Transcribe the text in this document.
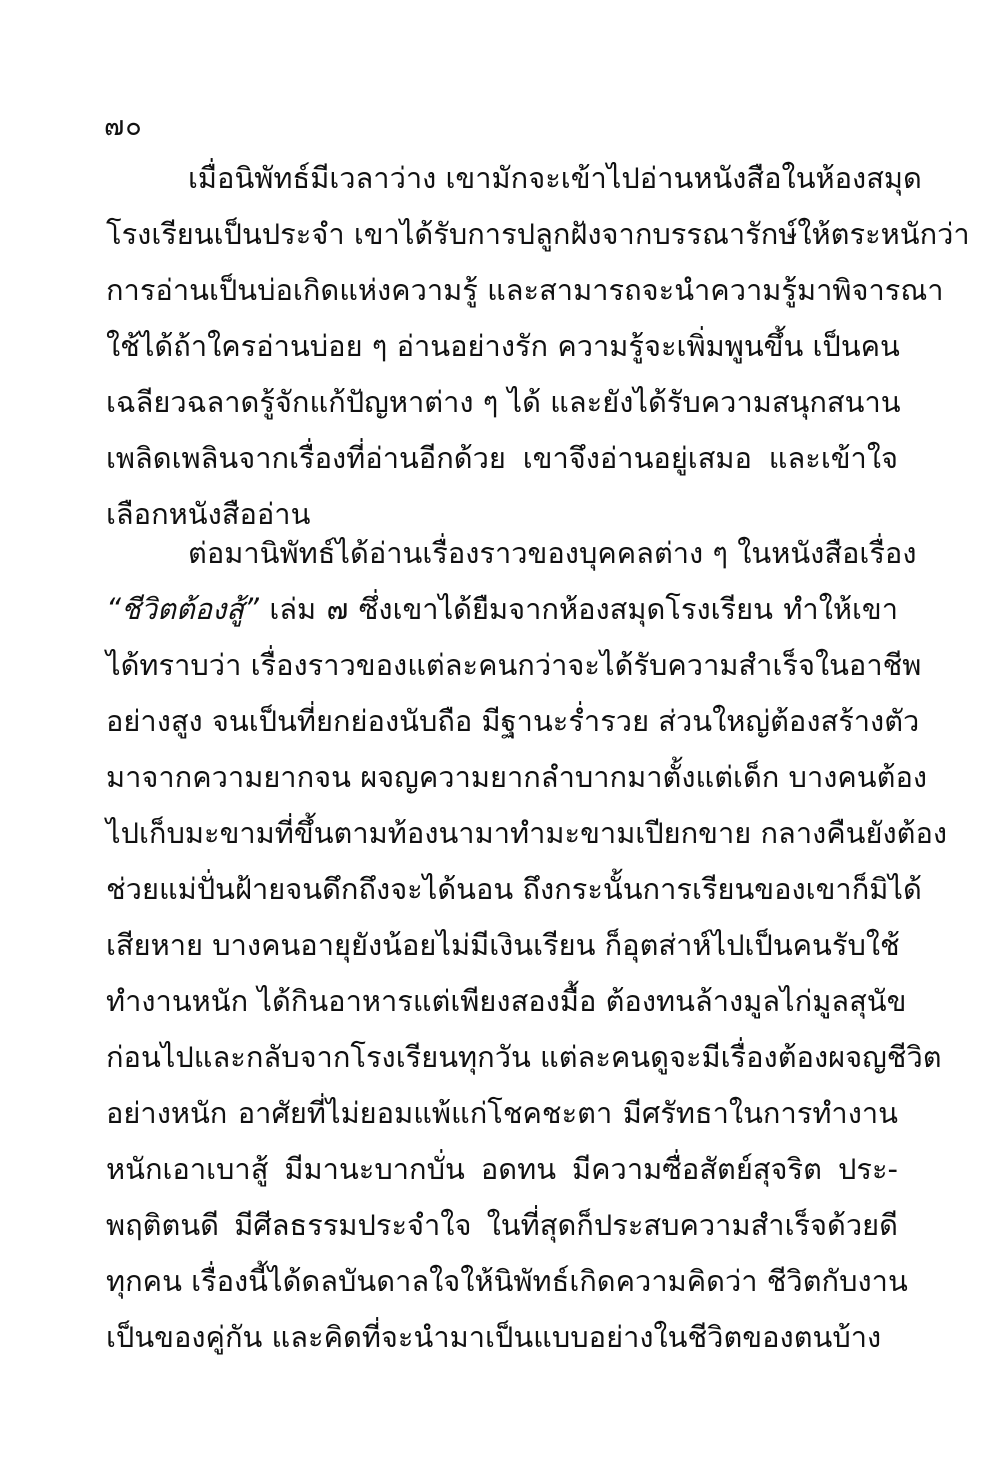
๗๐
เมื่อนิพัทธ์มีเวลาว่าง เขามักจะเข้าไปอ่านหนังสือในห้องสมุด
โรงเรียนเป็นประจำ เขาได้รับการปลูกฝังจากบรรณารักษ์ให้ตระหนักว่า
การอ่านเป็นบ่อเกิดแห่งความรู้ และสามารถจะนำความรู้มาพิจารณา
ใช้ได้ถ้าใครอ่านบ่อย ๆ อ่านอย่างรัก ความรู้จะเพิ่มพูนขึ้น เป็นคน
เฉลียวฉลาดรู้จักแก้ปัญหาต่าง ๆ ได้ และยังได้รับความสนุกสนาน
เพลิดเพลินจากเรื่องที่อ่านอีกด้วย เขาจึงอ่านอยู่เสมอ และเข้าใจ
เลือกหนังสืออ่าน
ต่อมานิพัทธ์ได้อ่านเรื่องราวของบุคคลต่าง ๆ ในหนังสือเรื่อง
“ชีวิตต้องสู้” เล่ม ๗ ซึ่งเขาได้ยืมจากห้องสมุดโรงเรียน ทำให้เขา
ได้ทราบว่า เรื่องราวของแต่ละคนกว่าจะได้รับความสำเร็จในอาชีพ
อย่างสูง จนเป็นที่ยกย่องนับถือ มีฐานะร่ำรวย ส่วนใหญ่ต้องสร้างตัว
มาจากความยากจน ผจญความยากลำบากมาตั้งแต่เด็ก บางคนต้อง
ไปเก็บมะขามที่ขึ้นตามท้องนามาทำมะขามเปียกขาย กลางคืนยังต้อง
ช่วยแม่ปั่นฝ้ายจนดึกถึงจะได้นอน ถึงกระนั้นการเรียนของเขาก็มิได้
เสียหาย บางคนอายุยังน้อยไม่มีเงินเรียน ก็อุตส่าห์ไปเป็นคนรับใช้
ทำงานหนัก ได้กินอาหารแต่เพียงสองมื้อ ต้องทนล้างมูลไก่มูลสุนัข
ก่อนไปและกลับจากโรงเรียนทุกวัน แต่ละคนดูจะมีเรื่องต้องผจญชีวิต
อย่างหนัก อาศัยที่ไม่ยอมแพ้แก่โชคชะตา มีศรัทธาในการทำงาน
หนักเอาเบาสู้ มีมานะบากบั่น อดทน มีความซื่อสัตย์สุจริต ประ-
พฤติตนดี มีศีลธรรมประจำใจ ในที่สุดก็ประสบความสำเร็จด้วยดี
ทุกคน เรื่องนี้ได้ดลบันดาลใจให้นิพัทธ์เกิดความคิดว่า ชีวิตกับงาน
เป็นของคู่กัน และคิดที่จะนำมาเป็นแบบอย่างในชีวิตของตนบ้าง
